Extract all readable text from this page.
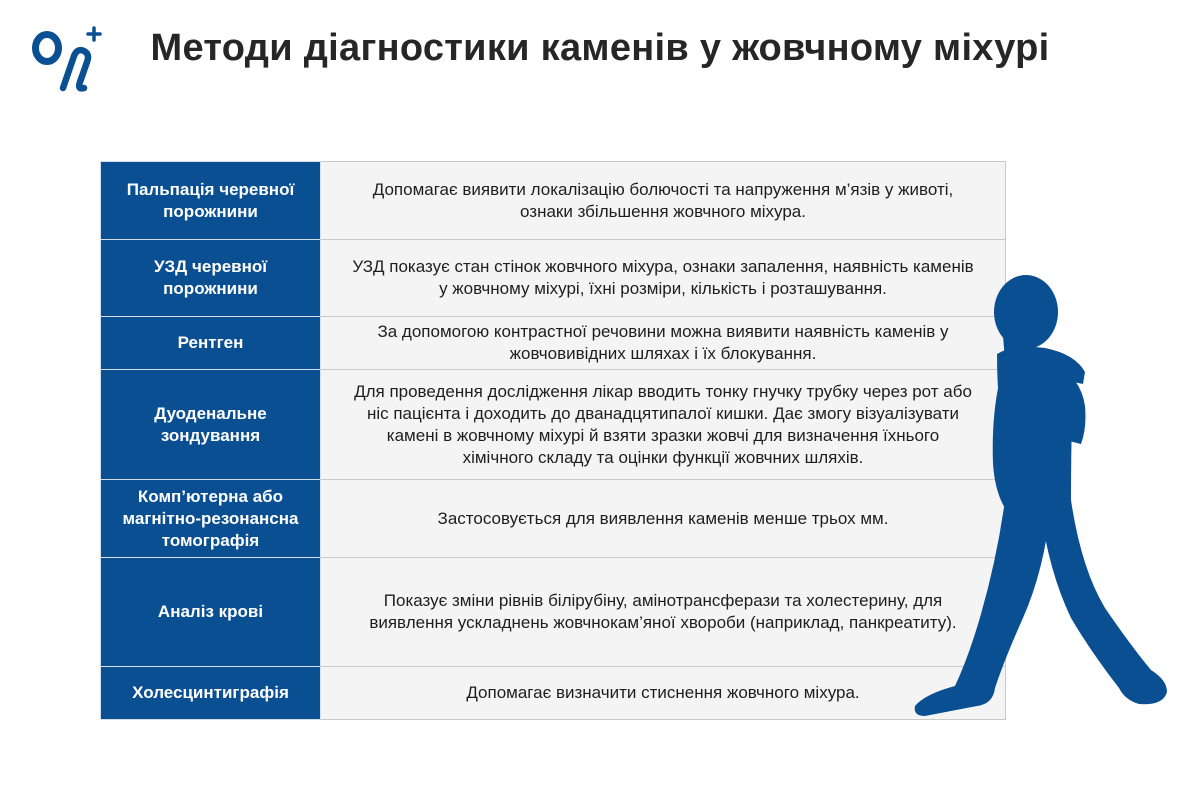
Методи діагностики каменів у жовчному міхурі
Пальпація черевної порожнини	Допомагає виявити локалізацію болючості та напруження м’язів у животі, ознаки збільшення жовчного міхура.
УЗД черевної порожнини	УЗД показує стан стінок жовчного міхура, ознаки запалення, наявність каменів у жовчному міхурі, їхні розміри, кількість і розташування.
Рентген	За допомогою контрастної речовини можна виявити наявність каменів у жовчовивідних шляхах і їх блокування.
Дуоденальне зондування	Для проведення дослідження лікар вводить тонку гнучку трубку через рот або ніс пацієнта і доходить до дванадцятипалої кишки. Дає змогу візуалізувати камені в жовчному міхурі й взяти зразки жовчі для визначення їхнього хімічного складу та оцінки функції жовчних шляхів.
Комп’ютерна або магнітно-резонансна томографія	Застосовується для виявлення каменів менше трьох мм.
Аналіз крові	Показує зміни рівнів білірубіну, амінотрансферази та холестерину, для виявлення ускладнень жовчнокам’яної хвороби (наприклад, панкреатиту).
Холесцинтиграфія	Допомагає визначити стиснення жовчного міхура.
